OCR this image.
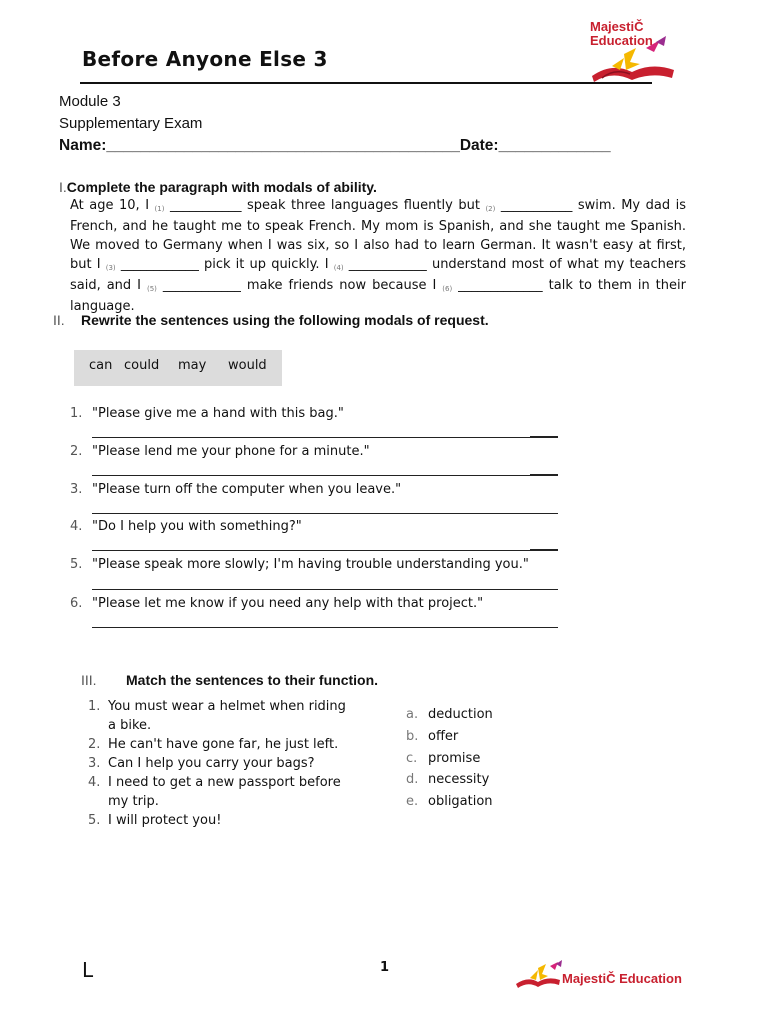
Before Anyone Else 3
MajestiČ
Education
Module 3
Supplementary Exam
Name:_________________________________________Date:_____________
I.Complete the paragraph with modals of ability.
At age 10, I $_{(1)}$ ___________ speak three languages fluently but $_{(2)}$ ___________ swim. My dad is French, and he taught me to speak French. My mom is Spanish, and she taught me Spanish. We moved to Germany when I was six, so I also had to learn German. It wasn't easy at first, but I $_{(3)}$ ____________ pick it up quickly. I $_{(4)}$ ____________ understand most of what my teachers said, and I $_{(5)}$ ____________ make friends now because I $_{(6)}$ _____________ talk to them in their language.
II. Rewrite the sentences using the following modals of request.
can could may would
1. "Please give me a hand with this bag."
2. "Please lend me your phone for a minute."
3. "Please turn off the computer when you leave."
4. "Do I help you with something?"
5. "Please speak more slowly; I'm having trouble understanding you."
6. "Please let me know if you need any help with that project."
III. Match the sentences to their function.
1. You must wear a helmet when riding
a bike.
2. He can't have gone far, he just left.
3. Can I help you carry your bags?
4. I need to get a new passport before
my trip.
5. I will protect you!
a. deduction
b. offer
c. promise
d. necessity
e. obligation
L	1
MajestiČ Education
